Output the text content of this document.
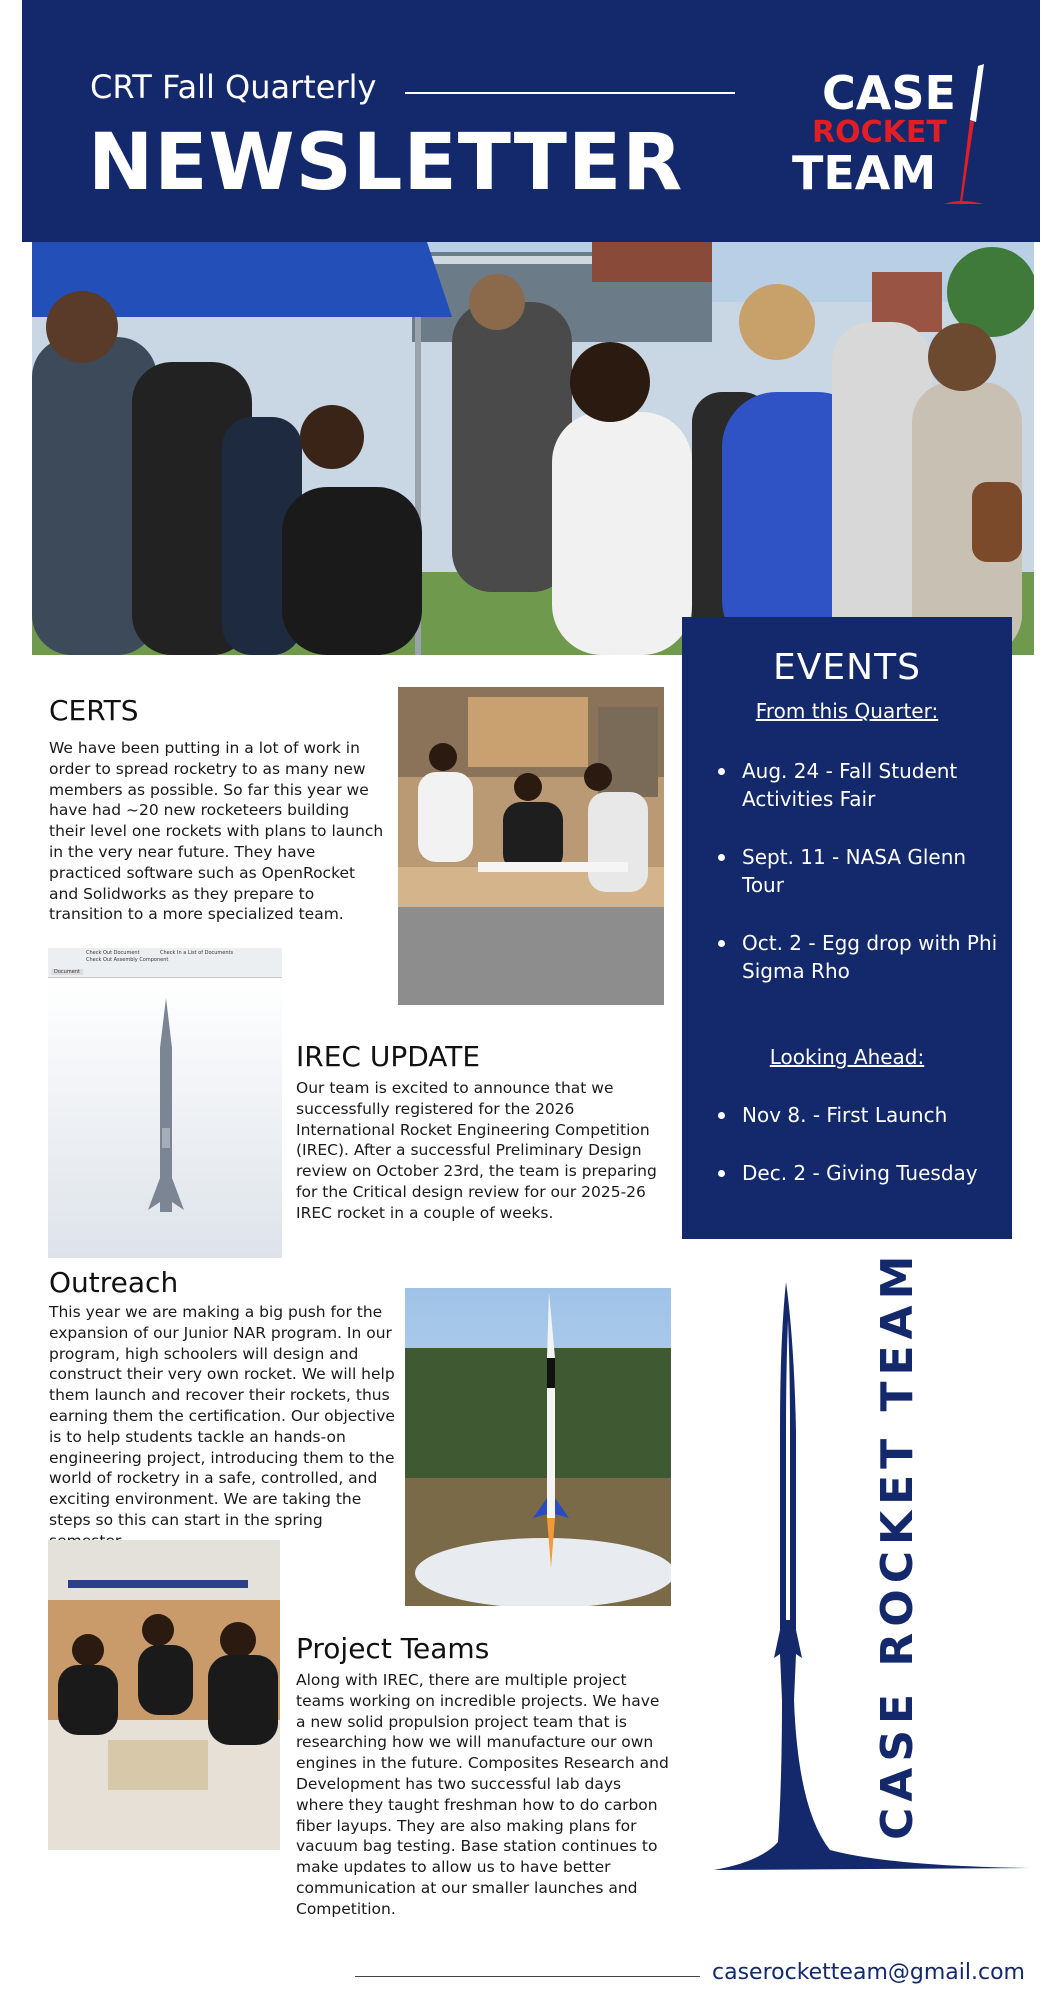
CRT Fall Quarterly
NEWSLETTER
CASE
ROCKET
TEAM
EVENTS
From this Quarter:
Aug. 24 - Fall Student Activities Fair
Sept. 11 - NASA Glenn Tour
Oct. 2 - Egg drop with Phi Sigma Rho
Looking Ahead:
Nov 8. - First Launch
Dec. 2 - Giving Tuesday
CERTS
We have been putting in a lot of work in order to spread rocketry to as many new members as possible. So far this year we have had ~20 new rocketeers building their level one rockets with plans to launch in the very near future. They have practiced software such as OpenRocket and Solidworks as they prepare to transition to a more specialized team.
Check Out Document
Check Out Assembly Component
Check In a List of Documents
Document
IREC UPDATE
Our team is excited to announce that we successfully registered for the 2026 International Rocket Engineering Competition (IREC). After a successful Preliminary Design review on October 23rd, the team is preparing for the Critical design review for our 2025-26 IREC rocket in a couple of weeks.
Outreach
This year we are making a big push for the expansion of our Junior NAR program. In our program, high schoolers will design and construct their very own rocket. We will help them launch and recover their rockets, thus earning them the certification. Our objective is to help students tackle an hands-on engineering project, introducing them to the world of rocketry in a safe, controlled, and exciting environment. We are taking the steps so this can start in the spring
Project Teams
Along with IREC, there are multiple project teams working on incredible projects. We have a new solid propulsion project team that is researching how we will manufacture our own engines in the future. Composites Research and Development has two successful lab days where they taught freshman how to do carbon fiber layups. They are also making plans for vacuum bag testing. Base station continues to make updates to allow us to have better communication at our smaller launches and Competition.
CASE ROCKET TEAM
caserocketteam@gmail.com
